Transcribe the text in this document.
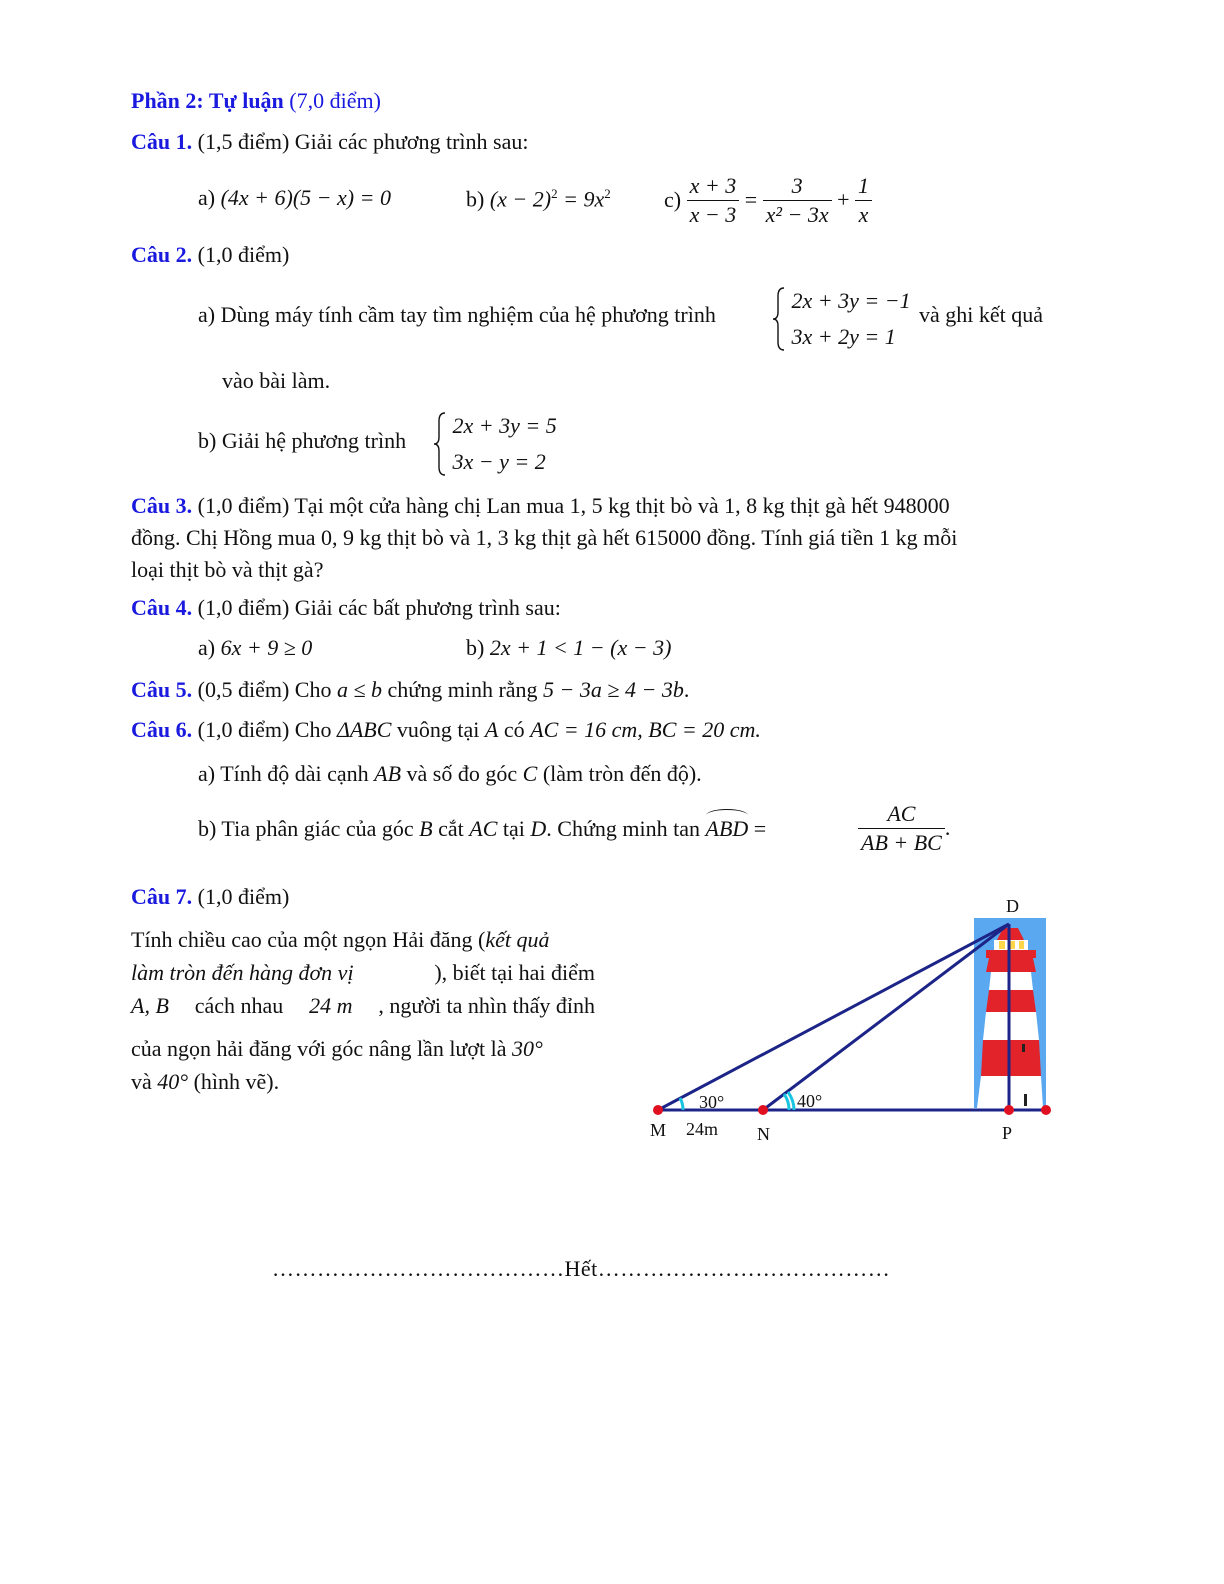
Phần 2: Tự luận (7,0 điểm)
Câu 1. (1,5 điểm) Giải các phương trình sau:
a) (4x + 6)(5 − x) = 0	b) $(x - 2)^2 = 9x^2$ $c) \frac{x + 3}{x - 3} = \frac{3}{\text{x² − 3x}} + \frac{1}{x}$
Câu 2. (1,0 điểm)
a) Dùng máy tính cầm tay tìm nghiệm của hệ phương trình

2x + 3y = −1
3x + 2y = 1
và ghi kết quả
vào bài làm.
b) Giải hệ phương trình

2x + 3y = 5
3x − y = 2
Câu 3. (1,0 điểm) Tại một cửa hàng chị Lan mua 1, 5 kg thịt bò và 1, 8 kg thịt gà hết 948000
đồng. Chị Hồng mua 0, 9 kg thịt bò và 1, 3 kg thịt gà hết 615000 đồng. Tính giá tiền 1 kg mỗi
loại thịt bò và thịt gà?
Câu 4. (1,0 điểm) Giải các bất phương trình sau:
a) 6x + 9 ≥ 0	b) 2x + 1 < 1 − (x − 3)
Câu 5. (0,5 điểm) Cho a ≤ b chứng minh rằng 5 − 3a ≥ 4 − 3b.
Câu 6. (1,0 điểm) Cho ΔABC vuông tại A có AC = 16 cm, BC = 20 cm.
a) Tính độ dài cạnh AB và số đo góc C (làm tròn đến độ).
b) Tia phân giác của góc B cắt AC tại D. Chứng minh tan ABD =	$\frac{AC}{AB + BC}$ .
Câu 7. (1,0 điểm)
Tính chiều cao của một ngọn Hải đăng (kết quả
làm tròn đến hàng đơn vị	), biết tại hai điểm
A, B cách nhau 24 m , người ta nhìn thấy đỉnh
của ngọn hải đăng với góc nâng lần lượt là 30°
và 40° (hình vẽ).
D
M	N	P
24m
30°	40°
…………………………………Hết…………………………………
